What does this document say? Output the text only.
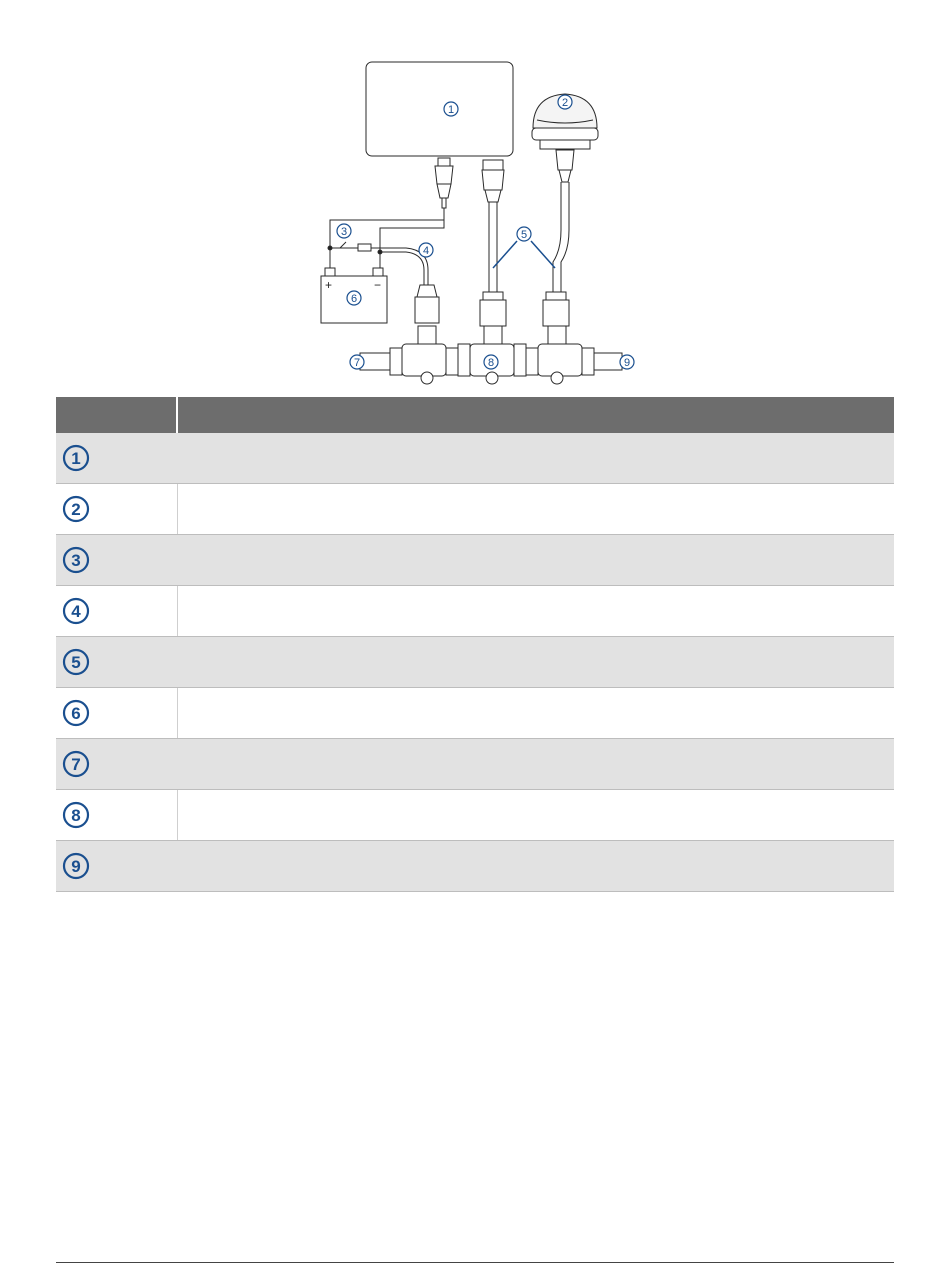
+	−
1
2
3
4
5
6
7	8	9

1	

2	

3	

4	

5	

6	

7	

8	

9	
